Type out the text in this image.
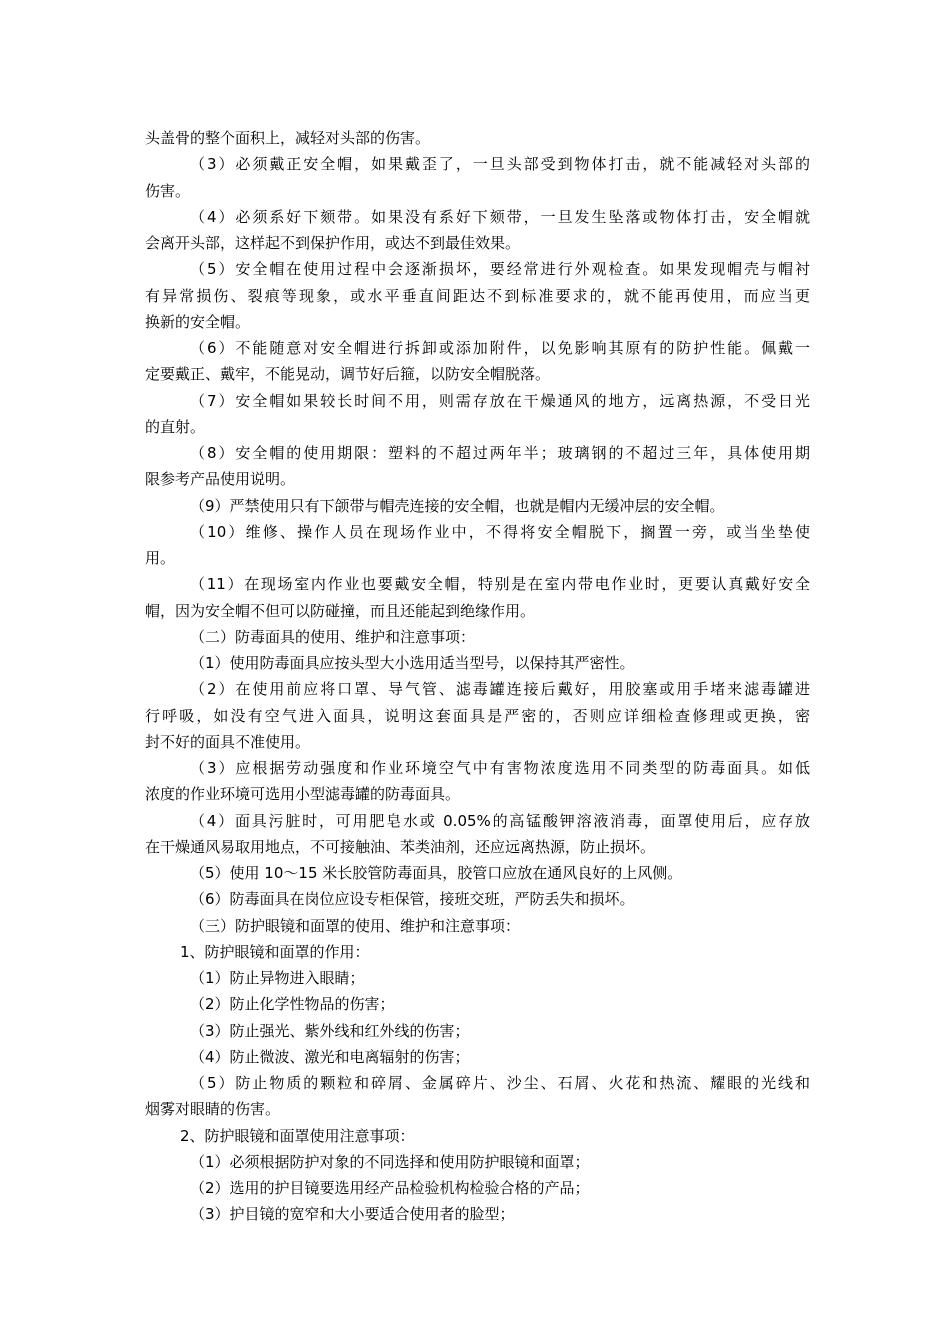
头盖骨的整个面积上，减轻对头部的伤害。
（3）必须戴正安全帽，如果戴歪了，一旦头部受到物体打击，就不能减轻对头部的
伤害。
（4）必须系好下颏带。如果没有系好下颏带，一旦发生坠落或物体打击，安全帽就
会离开头部，这样起不到保护作用，或达不到最佳效果。
（5）安全帽在使用过程中会逐渐损坏，要经常进行外观检查。如果发现帽壳与帽衬
有异常损伤、裂痕等现象，或水平垂直间距达不到标准要求的，就不能再使用，而应当更
换新的安全帽。
（6）不能随意对安全帽进行拆卸或添加附件，以免影响其原有的防护性能。佩戴一
定要戴正、戴牢，不能晃动，调节好后箍，以防安全帽脱落。
（7）安全帽如果较长时间不用，则需存放在干燥通风的地方，远离热源，不受日光
的直射。
（8）安全帽的使用期限：塑料的不超过两年半；玻璃钢的不超过三年，具体使用期
限参考产品使用说明。
（9）严禁使用只有下颌带与帽壳连接的安全帽，也就是帽内无缓冲层的安全帽。
（10）维修、操作人员在现场作业中，不得将安全帽脱下，搁置一旁，或当坐垫使
用。
（11）在现场室内作业也要戴安全帽，特别是在室内带电作业时，更要认真戴好安全
帽，因为安全帽不但可以防碰撞，而且还能起到绝缘作用。
（二）防毒面具的使用、维护和注意事项：
（1）使用防毒面具应按头型大小选用适当型号，以保持其严密性。
（2）在使用前应将口罩、导气管、滤毒罐连接后戴好，用胶塞或用手堵来滤毒罐进
行呼吸，如没有空气进入面具，说明这套面具是严密的，否则应详细检查修理或更换，密
封不好的面具不准使用。
（3）应根据劳动强度和作业环境空气中有害物浓度选用不同类型的防毒面具。如低
浓度的作业环境可选用小型滤毒罐的防毒面具。
（4）面具污脏时，可用肥皂水或 0.05%的高锰酸钾溶液消毒，面罩使用后，应存放
在干燥通风易取用地点，不可接触油、苯类油剂，还应远离热源，防止损坏。
（5）使用 10～15 米长胶管防毒面具，胶管口应放在通风良好的上风侧。
（6）防毒面具在岗位应设专柜保管，接班交班，严防丢失和损坏。
（三）防护眼镜和面罩的使用、维护和注意事项：
1、防护眼镜和面罩的作用：
（1）防止异物进入眼睛；
（2）防止化学性物品的伤害；
（3）防止强光、紫外线和红外线的伤害；
（4）防止微波、激光和电离辐射的伤害；
（5）防止物质的颗粒和碎屑、金属碎片、沙尘、石屑、火花和热流、耀眼的光线和
烟雾对眼睛的伤害。
2、防护眼镜和面罩使用注意事项：
（1）必须根据防护对象的不同选择和使用防护眼镜和面罩；
（2）选用的护目镜要选用经产品检验机构检验合格的产品；
（3）护目镜的宽窄和大小要适合使用者的脸型；
